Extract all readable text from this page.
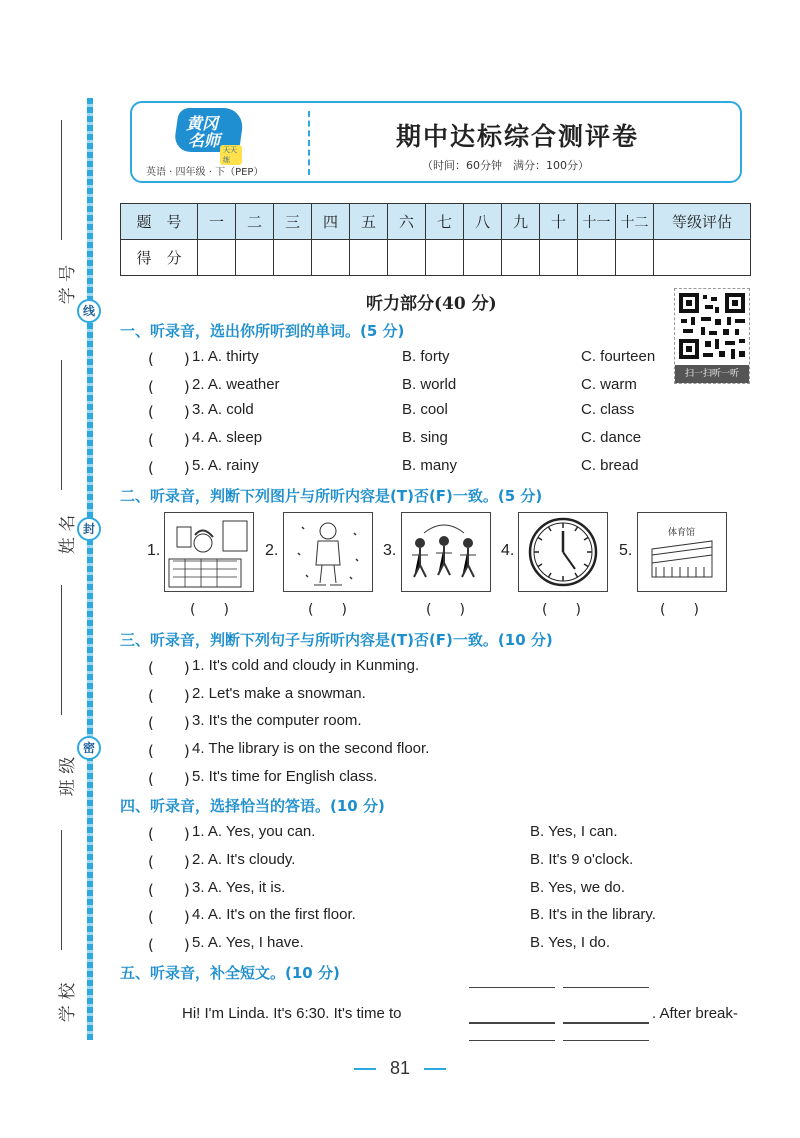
线
封
密
学 号
姓 名
班 级
学 校
黄冈
名师 天天练
英语 · 四年级 · 下（PEP）
期中达标综合测评卷
（时间：60分钟　满分：100分）
题　号	一	二	三	四	五	六	七	八	九	十	十一	十二	等级评估
得　分													
听力部分(40 分)
扫一扫听一听
一、听录音，选出你所听到的单词。(5 分)
(　　) 1. A. thirty	B. forty	C. fourteen
(　　) 2. A. weather	B. world	C. warm
(　　) 3. A. cold	B. cool	C. class
(　　) 4. A. sleep	B. sing	C. dance
(　　) 5. A. rainy	B. many	C. bread
二、听录音，判断下列图片与所听内容是(T)否(F)一致。(5 分)
1.	2.	3.	4.	5.
体育馆
(　　)	(　　)	(　　)	(　　)	(　　)
三、听录音，判断下列句子与所听内容是(T)否(F)一致。(10 分)
(　　) 1. It's cold and cloudy in Kunming.
(　　) 2. Let's make a snowman.
(　　) 3. It's the computer room.
(　　) 4. The library is on the second floor.
(　　) 5. It's time for English class.
四、听录音，选择恰当的答语。(10 分)
(　　) 1. A. Yes, you can.	B. Yes, I can.
(　　) 2. A. It's cloudy.	B. It's 9 o'clock.
(　　) 3. A. Yes, it is.	B. Yes, we do.
(　　) 4. A. It's on the first floor.	B. It's in the library.
(　　) 5. A. Yes, I have.	B. Yes, I do.
五、听录音，补全短文。(10 分)
Hi! I'm Linda. It's 6:30. It's time to	. After break-
81
